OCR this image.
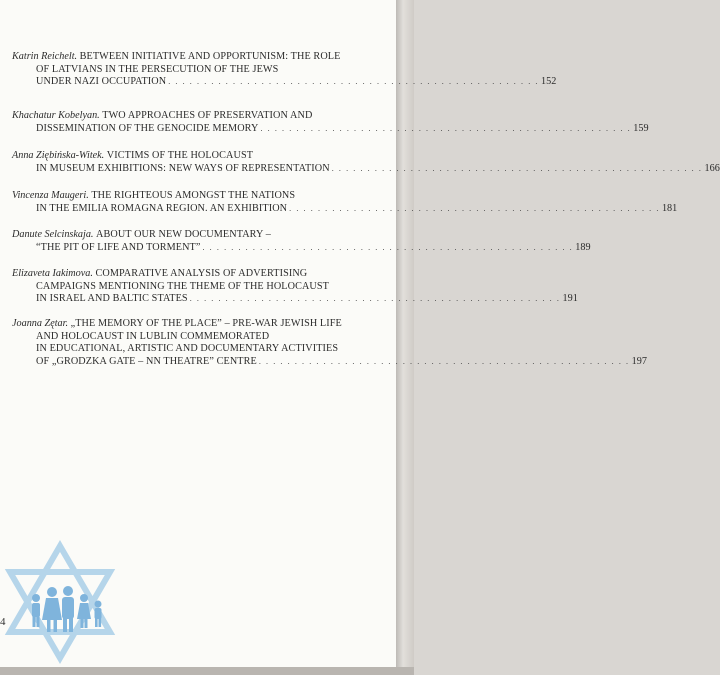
Katrin Reichelt. BETWEEN INITIATIVE AND OPPORTUNISM: THE ROLE
OF LATVIANS IN THE PERSECUTION OF THE JEWS
UNDER NAZI OCCUPATION . . . . . . . . . . . . . . . . . . . . . . . . . . . . . . . . . . . . . . . . . . . . . . . . . . . . 152
Khachatur Kobelyan. TWO APPROACHES OF PRESERVATION AND
DISSEMINATION OF THE GENOCIDE MEMORY . . . . . . . . . . . . . . . . . . . . . . . . . . . . . . . . . . . . . . . . . . . . . . . . . . . . 159
Anna Ziębińska-Witek. VICTIMS OF THE HOLOCAUST
IN MUSEUM EXHIBITIONS: NEW WAYS OF REPRESENTATION . . . . . . . . . . . . . . . . . . . . . . . . . . . . . . . . . . . . . . . . . . . . . . . . . . . . 166
Vincenza Maugeri. THE RIGHTEOUS AMONGST THE NATIONS
IN THE EMILIA ROMAGNA REGION. AN EXHIBITION . . . . . . . . . . . . . . . . . . . . . . . . . . . . . . . . . . . . . . . . . . . . . . . . . . . . 181
Danute Selcinskaja. ABOUT OUR NEW DOCUMENTARY –
“THE PIT OF LIFE AND TORMENT” . . . . . . . . . . . . . . . . . . . . . . . . . . . . . . . . . . . . . . . . . . . . . . . . . . . . 189
Elizaveta Iakimova. COMPARATIVE ANALYSIS OF ADVERTISING
CAMPAIGNS MENTIONING THE THEME OF THE HOLOCAUST
IN ISRAEL AND BALTIC STATES . . . . . . . . . . . . . . . . . . . . . . . . . . . . . . . . . . . . . . . . . . . . . . . . . . . . 191
Joanna Zętar. „THE MEMORY OF THE PLACE” – PRE-WAR JEWISH LIFE
AND HOLOCAUST IN LUBLIN COMMEMORATED
IN EDUCATIONAL, ARTISTIC AND DOCUMENTARY ACTIVITIES
OF „GRODZKA GATE – NN THEATRE” CENTRE . . . . . . . . . . . . . . . . . . . . . . . . . . . . . . . . . . . . . . . . . . . . . . . . . . . . 197
4
